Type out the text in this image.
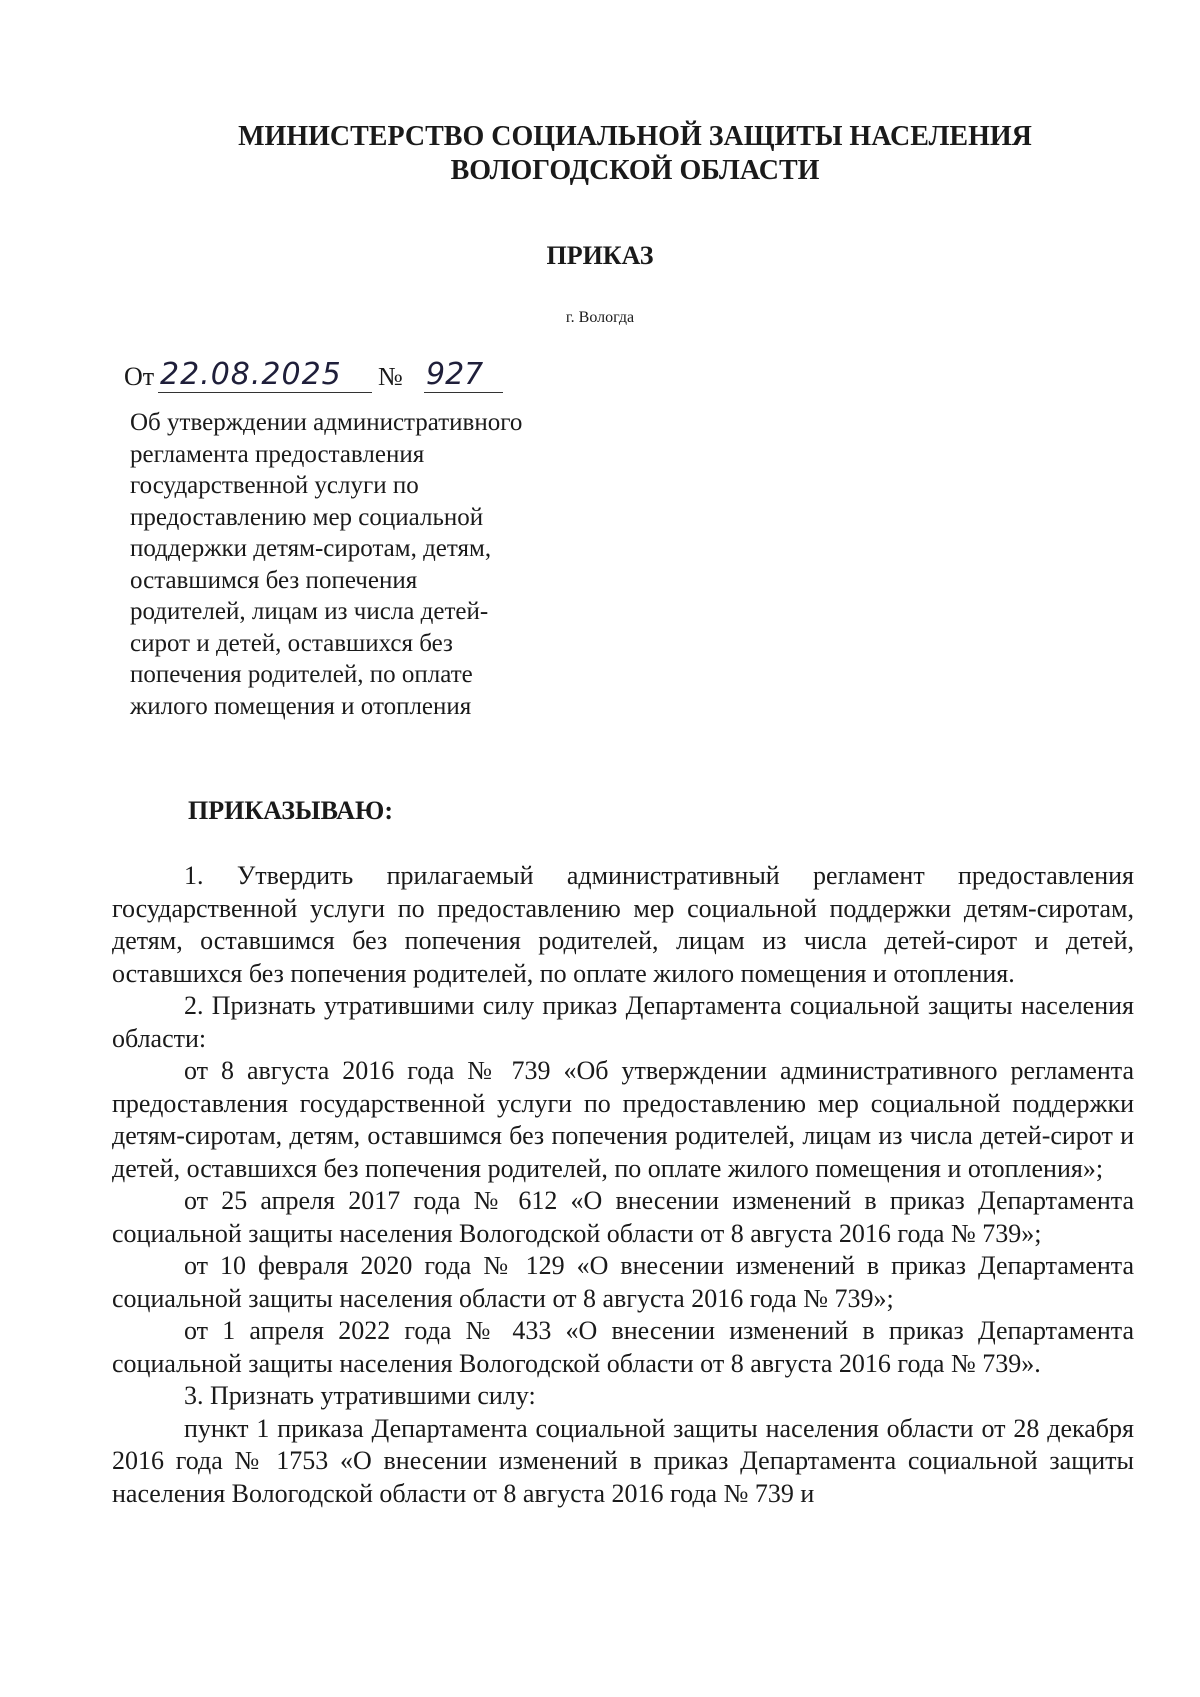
МИНИСТЕРСТВО СОЦИАЛЬНОЙ ЗАЩИТЫ НАСЕЛЕНИЯ
ВОЛОГОДСКОЙ ОБЛАСТИ
ПРИКАЗ
г. Вологда
От 22.08.2025	№ 927
Об утверждении административного
регламента предоставления
государственной услуги по
предоставлению мер социальной
поддержки детям-сиротам, детям,
оставшимся без попечения
родителей, лицам из числа детей-
сирот и детей, оставшихся без
попечения родителей, по оплате
жилого помещения и отопления
ПРИКАЗЫВАЮ:

1. Утвердить прилагаемый административный регламент предоставления государственной услуги по предоставлению мер социальной поддержки детям-сиротам, детям, оставшимся без попечения родителей, лицам из числа детей-сирот и детей, оставшихся без попечения родителей, по оплате жилого помещения и отопления.

2. Признать утратившими силу приказ Департамента социальной защиты населения области:

от 8 августа 2016 года № 739 «Об утверждении административного регламента предоставления государственной услуги по предоставлению мер социальной поддержки детям-сиротам, детям, оставшимся без попечения родителей, лицам из числа детей-сирот и детей, оставшихся без попечения родителей, по оплате жилого помещения и отопления»;

от 25 апреля 2017 года № 612 «О внесении изменений в приказ Департамента социальной защиты населения Вологодской области от 8 августа 2016 года № 739»;

от 10 февраля 2020 года № 129 «О внесении изменений в приказ Департамента социальной защиты населения области от 8 августа 2016 года № 739»;

от 1 апреля 2022 года № 433 «О внесении изменений в приказ Департамента социальной защиты населения Вологодской области от 8 августа 2016 года № 739».

3. Признать утратившими силу:

пункт 1 приказа Департамента социальной защиты населения области от 28 декабря 2016 года № 1753 «О внесении изменений в приказ Департамента социальной защиты населения Вологодской области от 8 августа 2016 года № 739 и
